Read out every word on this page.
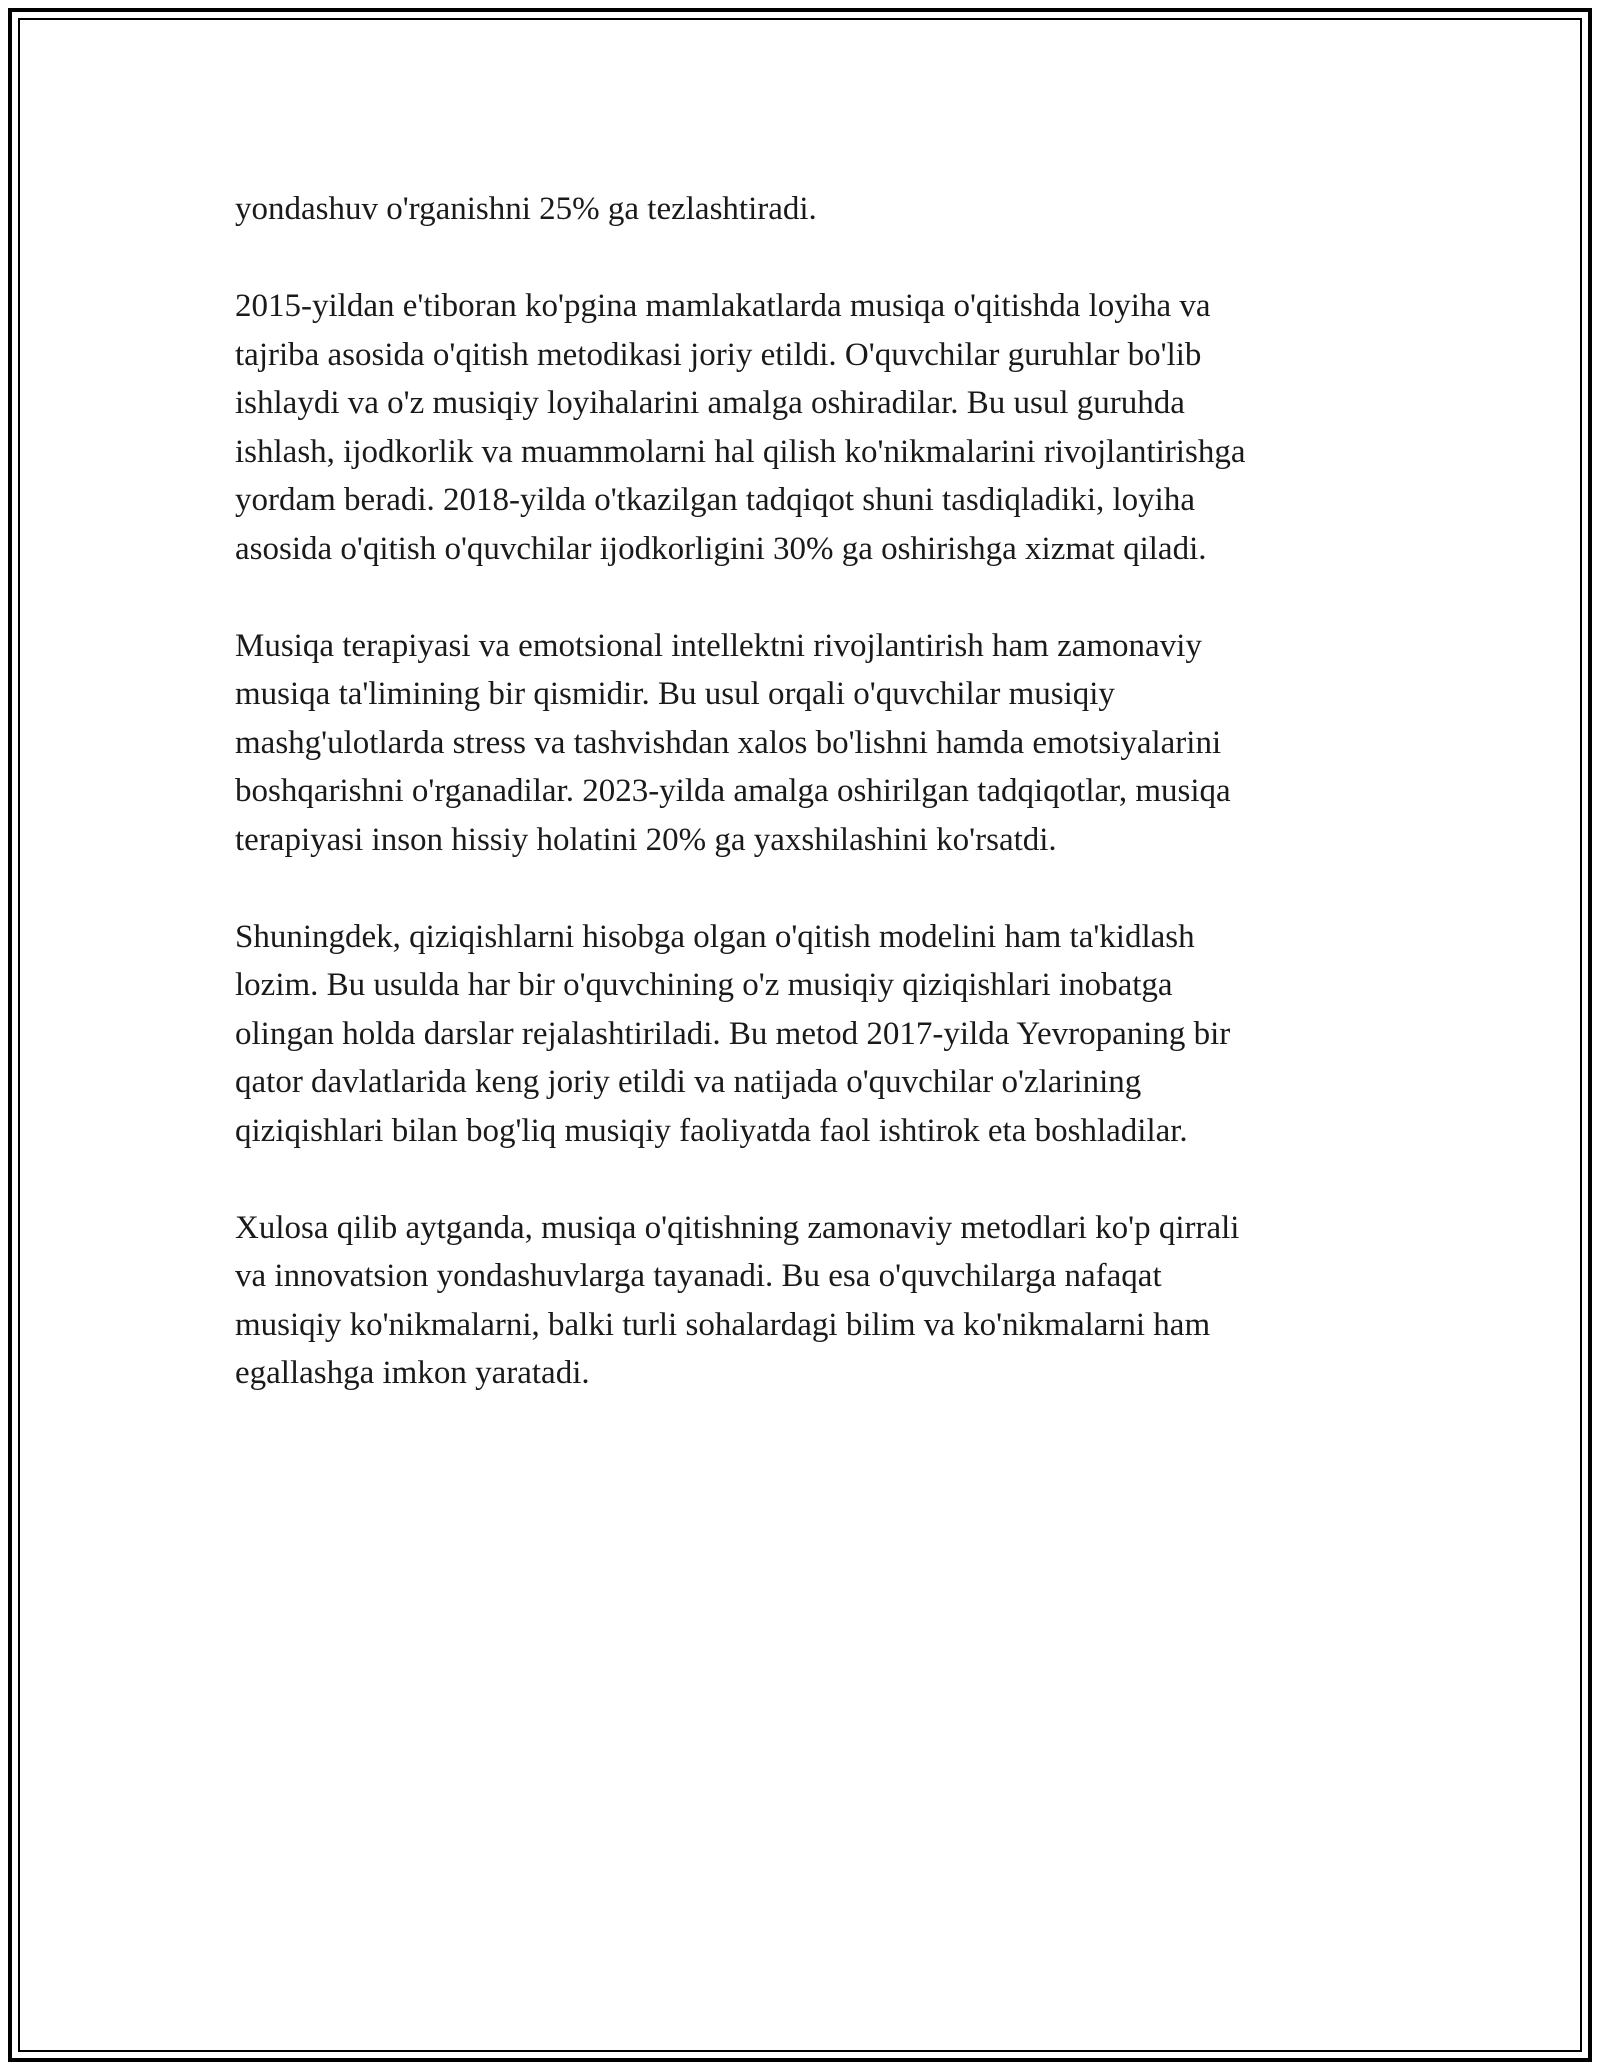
yondashuv o'rganishni 25% ga tezlashtiradi.

2015-yildan e'tiboran ko'pgina mamlakatlarda musiqa o'qitishda loyiha va
tajriba asosida o'qitish metodikasi joriy etildi. O'quvchilar guruhlar bo'lib
ishlaydi va o'z musiqiy loyihalarini amalga oshiradilar. Bu usul guruhda
ishlash, ijodkorlik va muammolarni hal qilish ko'nikmalarini rivojlantirishga
yordam beradi. 2018-yilda o'tkazilgan tadqiqot shuni tasdiqladiki, loyiha
asosida o'qitish o'quvchilar ijodkorligini 30% ga oshirishga xizmat qiladi.

Musiqa terapiyasi va emotsional intellektni rivojlantirish ham zamonaviy
musiqa ta'limining bir qismidir. Bu usul orqali o'quvchilar musiqiy
mashg'ulotlarda stress va tashvishdan xalos bo'lishni hamda emotsiyalarini
boshqarishni o'rganadilar. 2023-yilda amalga oshirilgan tadqiqotlar, musiqa
terapiyasi inson hissiy holatini 20% ga yaxshilashini ko'rsatdi.

Shuningdek, qiziqishlarni hisobga olgan o'qitish modelini ham ta'kidlash
lozim. Bu usulda har bir o'quvchining o'z musiqiy qiziqishlari inobatga
olingan holda darslar rejalashtiriladi. Bu metod 2017-yilda Yevropaning bir
qator davlatlarida keng joriy etildi va natijada o'quvchilar o'zlarining
qiziqishlari bilan bog'liq musiqiy faoliyatda faol ishtirok eta boshladilar.

Xulosa qilib aytganda, musiqa o'qitishning zamonaviy metodlari ko'p qirrali
va innovatsion yondashuvlarga tayanadi. Bu esa o'quvchilarga nafaqat
musiqiy ko'nikmalarni, balki turli sohalardagi bilim va ko'nikmalarni ham
egallashga imkon yaratadi.
